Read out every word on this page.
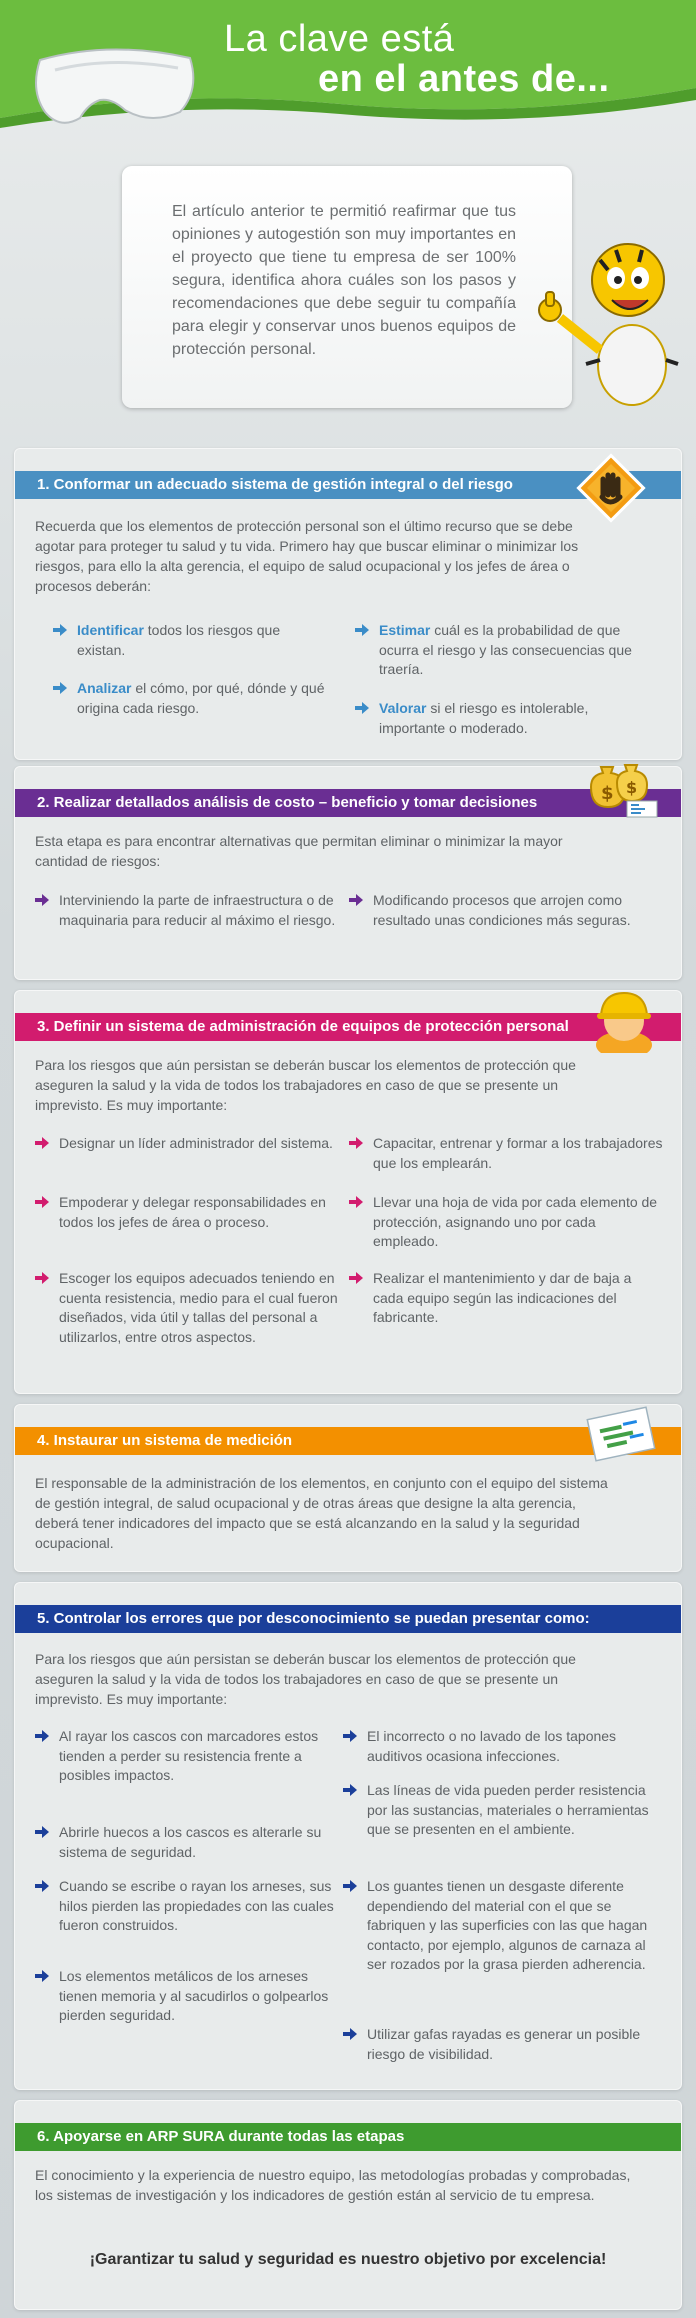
La clave está
en el antes de...
El artículo anterior te permitió reafirmar que tus opiniones y autogestión son muy importantes en el proyecto que tiene tu empresa de ser 100% segura, identifica ahora cuáles son los pasos y recomendaciones que debe seguir tu compañía para elegir y conservar unos buenos equipos de protección personal.
1. Conformar un adecuado sistema de gestión integral o del riesgo
Recuerda que los elementos de protección personal son el último recurso que se debe agotar para proteger tu salud y tu vida. Primero hay que buscar eliminar o minimizar los riesgos, para ello la alta gerencia, el equipo de salud ocupacional y los jefes de área o procesos deberán:
Identificar todos los riesgos que existan.
Analizar el cómo, por qué, dónde y qué origina cada riesgo.
Estimar cuál es la probabilidad de que ocurra el riesgo y las consecuencias que traería.
Valorar si el riesgo es intolerable, importante o moderado.
2. Realizar detallados análisis de costo – beneficio y tomar decisiones	$ $
Esta etapa es para encontrar alternativas que permitan eliminar o minimizar la mayor cantidad de riesgos:
Interviniendo la parte de infraestructura o de maquinaria para reducir al máximo el riesgo.
Modificando procesos que arrojen como resultado unas condiciones más seguras.
3. Definir un sistema de administración de equipos de protección personal
Para los riesgos que aún persistan se deberán buscar los elementos de protección que aseguren la salud y la vida de todos los trabajadores en caso de que se presente un imprevisto. Es muy importante:
Designar un líder administrador del sistema.
Empoderar y delegar responsabilidades en todos los jefes de área o proceso.
Escoger los equipos adecuados teniendo en cuenta resistencia, medio para el cual fueron diseñados, vida útil y tallas del personal a utilizarlos, entre otros aspectos.
Capacitar, entrenar y formar a los trabajadores que los emplearán.
Llevar una hoja de vida por cada elemento de protección, asignando uno por cada empleado.
Realizar el mantenimiento y dar de baja a cada equipo según las indicaciones del fabricante.
4. Instaurar un sistema de medición
El responsable de la administración de los elementos, en conjunto con el equipo del sistema de gestión integral, de salud ocupacional y de otras áreas que designe la alta gerencia, deberá tener indicadores del impacto que se está alcanzando en la salud y la seguridad ocupacional.
5. Controlar los errores que por desconocimiento se puedan presentar como:
Para los riesgos que aún persistan se deberán buscar los elementos de protección que aseguren la salud y la vida de todos los trabajadores en caso de que se presente un imprevisto. Es muy importante:
Al rayar los cascos con marcadores estos tienden a perder su resistencia frente a posibles impactos.
Abrirle huecos a los cascos es alterarle su sistema de seguridad.
Cuando se escribe o rayan los arneses, sus hilos pierden las propiedades con las cuales fueron construidos.
Los elementos metálicos de los arneses tienen memoria y al sacudirlos o golpearlos pierden seguridad.
El incorrecto o no lavado de los tapones auditivos ocasiona infecciones.
Las líneas de vida pueden perder resistencia por las sustancias, materiales o herramientas que se presenten en el ambiente.
Los guantes tienen un desgaste diferente dependiendo del material con el que se fabriquen y las superficies con las que hagan contacto, por ejemplo, algunos de carnaza al ser rozados por la grasa pierden adherencia.
Utilizar gafas rayadas es generar un posible riesgo de visibilidad.
6. Apoyarse en ARP SURA durante todas las etapas
El conocimiento y la experiencia de nuestro equipo, las metodologías probadas y comprobadas, los sistemas de investigación y los indicadores de gestión están al servicio de tu empresa.
¡Garantizar tu salud y seguridad es nuestro objetivo por excelencia!
